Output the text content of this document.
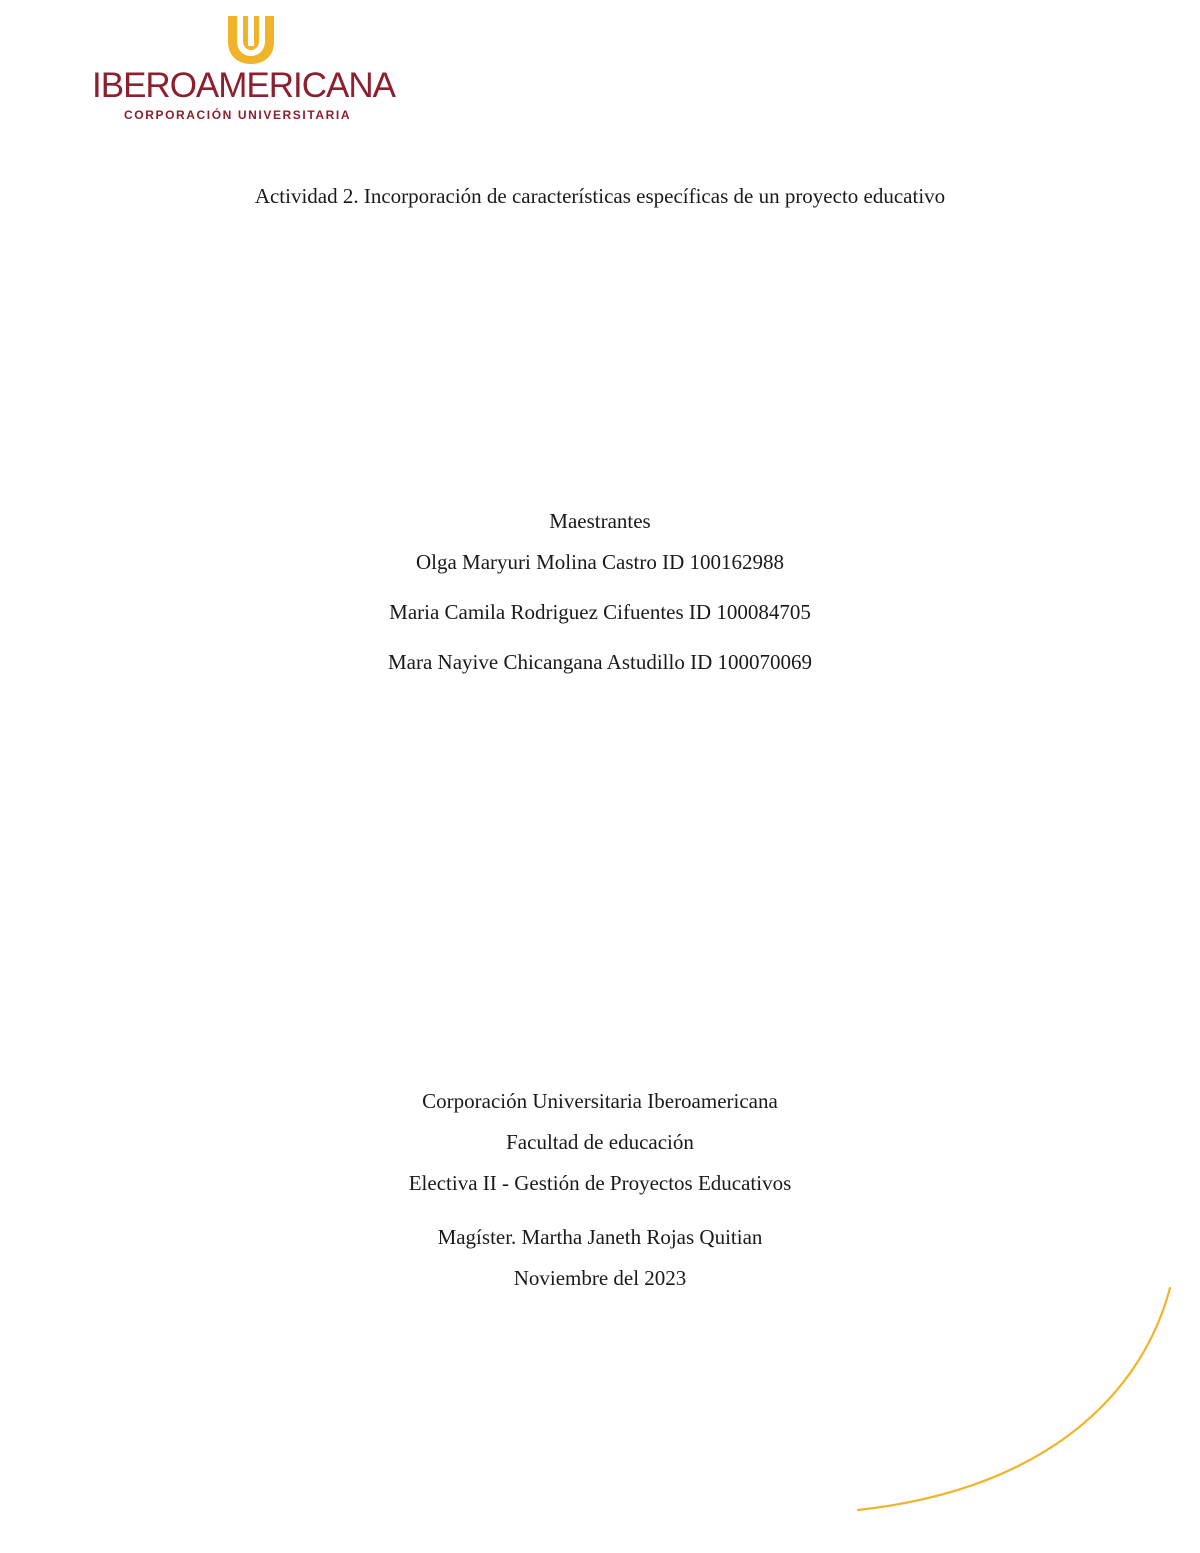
IBEROAMERICANA
CORPORACIÓN UNIVERSITARIA
Actividad 2. Incorporación de características específicas de un proyecto educativo
Maestrantes
Olga Maryuri Molina Castro ID 100162988
Maria Camila Rodriguez Cifuentes ID 100084705
Mara Nayive Chicangana Astudillo ID 100070069
Corporación Universitaria Iberoamericana
Facultad de educación
Electiva II - Gestión de Proyectos Educativos
Magíster. Martha Janeth Rojas Quitian
Noviembre del 2023
